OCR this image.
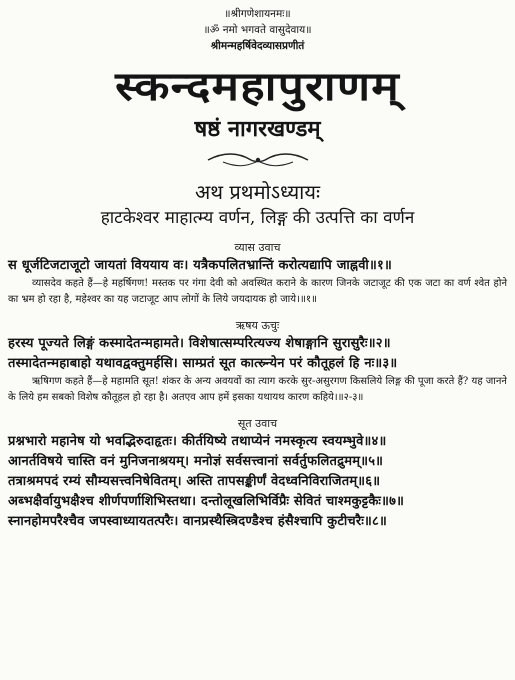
॥श्रीगणेशायनमः॥
॥ॐ नमो भगवते वासुदेवाय॥
श्रीमन्महर्षिवेदव्यासप्रणीतं
स्कन्दमहापुराणम्
षष्ठं नागरखण्डम्
अथ प्रथमोऽध्यायः
हाटकेश्वर माहात्म्य वर्णन, लिङ्ग की उत्पत्ति का वर्णन
व्यास उवाच
स धूर्जटिजटाजूटो जायतां विययाय वः। यत्रैकपलितभ्रान्तिं करोत्यद्यापि जाह्नवी॥१॥
व्यासदेव कहते हैं—हे महर्षिगण! मस्तक पर गंगा देवी को अवस्थित कराने के कारण जिनके जटाजूट की एक जटा का वर्ण श्वेत होने का भ्रम हो रहा है, महेश्वर का यह जटाजूट आप लोगों के लिये जयदायक हो जाये।॥१॥
ऋषय ऊचुः
हरस्य पूज्यते लिङ्गं कस्मादेतन्महामते। विशेषात्सम्परित्यज्य शेषाङ्गानि सुरासुरैः॥२॥
तस्मादेतन्महाबाहो यथावद्वक्तुमर्हसि। साम्प्रतं सूत कात्स्र्न्येन परं कौतूहलं हि नः॥३॥
ऋषिगण कहते हैं—हे महामति सूत! शंकर के अन्य अवयवों का त्याग करके सुर-असुरगण किसलिये लिङ्ग की पूजा करते हैं? यह जानने के लिये हम सबको विशेष कौतूहल हो रहा है। अतएव आप हमें इसका यथायथ कारण कहिये।॥२-३॥
सूत उवाच
प्रश्नभारो महानेष यो भवद्भिरुदाहृतः। कीर्तयिष्ये तथाप्येनं नमस्कृत्य स्वयम्भुवे॥४॥
आनर्तविषये चास्ति वनं मुनिजनाश्रयम्। मनोज्ञं सर्वसत्त्वानां सर्वर्तुफलितद्रुमम्॥५॥
तत्राश्रमपदं रम्यं सौम्यसत्त्वनिषेवितम्। अस्ति तापसङ्कीर्णं वेदध्वनिविराजितम्॥६॥
अब्भक्षैर्वायुभक्षैश्च शीर्णपर्णाशिभिस्तथा। दन्तोलूखलिभिर्विप्रैः सेवितं चाश्मकुट्टकैः॥७॥
स्नानहोमपरैश्चैव जपस्वाध्यायतत्परैः। वानप्रस्थैस्त्रिदण्डैश्च हंसैश्चापि कुटीचरैः॥८॥
